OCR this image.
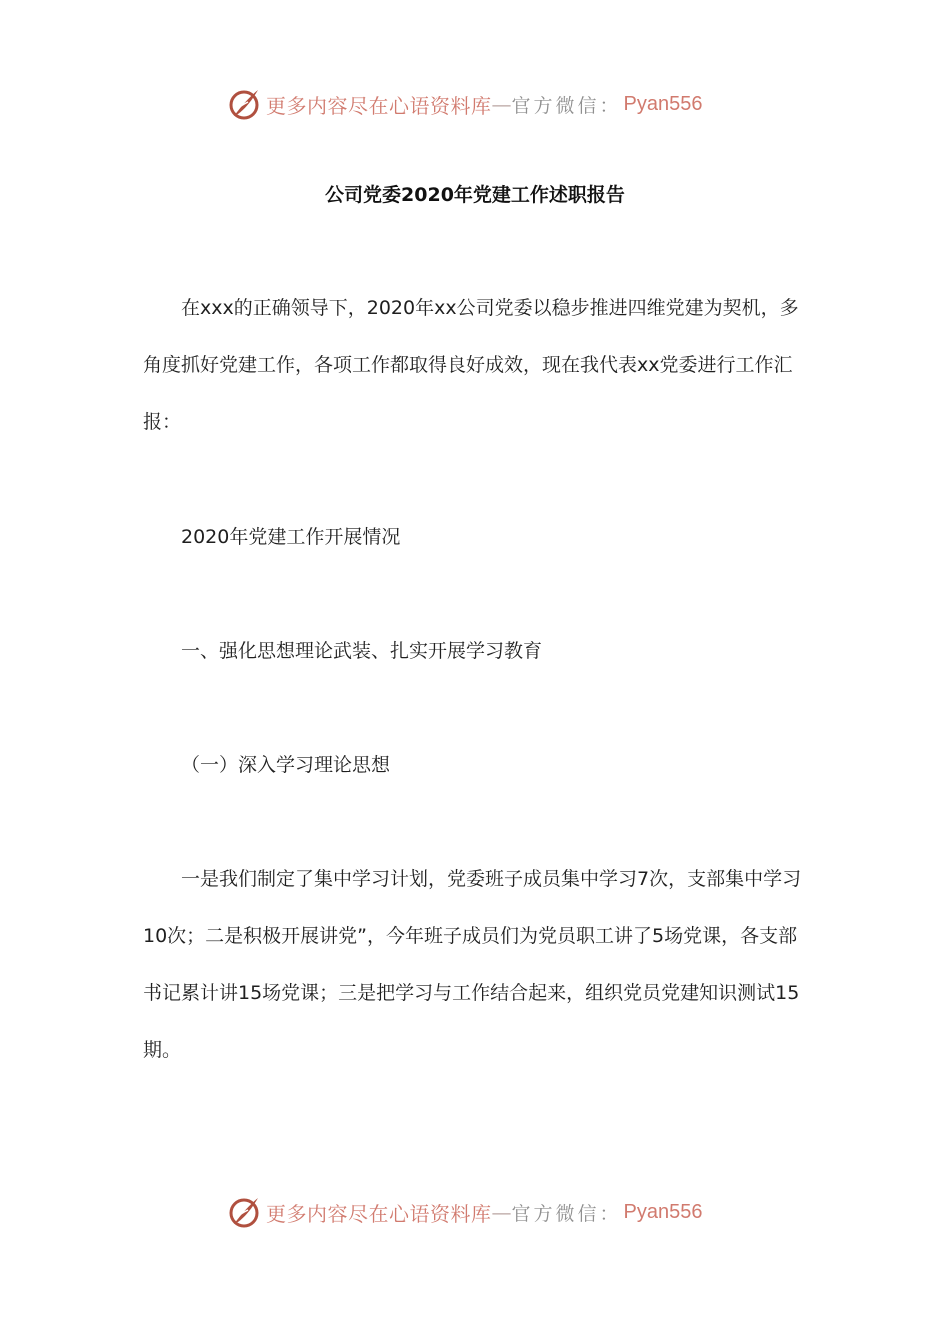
更多内容尽在心语资料库 — 官方微信： Pyan556
公司党委2020年党建工作述职报告

在xxx的正确领导下，2020年xx公司党委以稳步推进四维党建为契机，多角度抓好党建工作，各项工作都取得良好成效，现在我代表xx党委进行工作汇报：

2020年党建工作开展情况

一、强化思想理论武装、扎实开展学习教育

（一）深入学习理论思想

一是我们制定了集中学习计划，党委班子成员集中学习7次，支部集中学习10次；二是积极开展讲党”，今年班子成员们为党员职工讲了5场党课，各支部书记累计讲15场党课；三是把学习与工作结合起来，组织党员党建知识测试15期。

更多内容尽在心语资料库 — 官方微信： Pyan556
